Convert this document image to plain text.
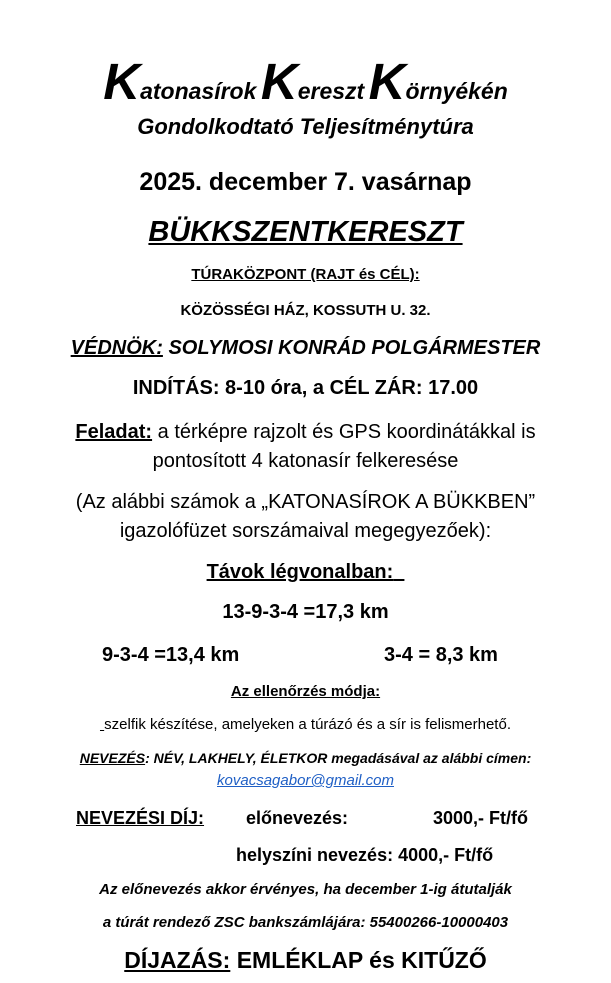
Katonasírok Kereszt Környékén
Gondolkodtató Teljesítménytúra
2025. december 7. vasárnap
BÜKKSZENTKERESZT
TÚRAKÖZPONT (RAJT és CÉL):
KÖZÖSSÉGI HÁZ, KOSSUTH U. 32.
VÉDNÖK: SOLYMOSI KONRÁD POLGÁRMESTER
INDÍTÁS: 8-10 óra, a CÉL ZÁR: 17.00
Feladat: a térképre rajzolt és GPS koordinátákkal is
pontosított 4 katonasír felkeresése
(Az alábbi számok a „KATONASÍROK A BÜKKBEN”
igazolófüzet sorszámaival megegyezőek):
Távok légvonalban:
13-9-3-4 =17,3 km
9-3-4 =13,4 km	3-4 = 8,3 km
Az ellenőrzés módja:
szelfik készítése, amelyeken a túrázó és a sír is felismerhető.
NEVEZÉS: NÉV, LAKHELY, ÉLETKOR megadásával az alábbi címen:
kovacsagabor@gmail.com
NEVEZÉSI DÍJ: előnevezés:	3000,- Ft/fő
helyszíni nevezés: 4000,- Ft/fő
Az előnevezés akkor érvényes, ha december 1-ig átutalják
a túrát rendező ZSC bankszámlájára: 55400266-10000403
DÍJAZÁS: EMLÉKLAP és KITŰZŐ
